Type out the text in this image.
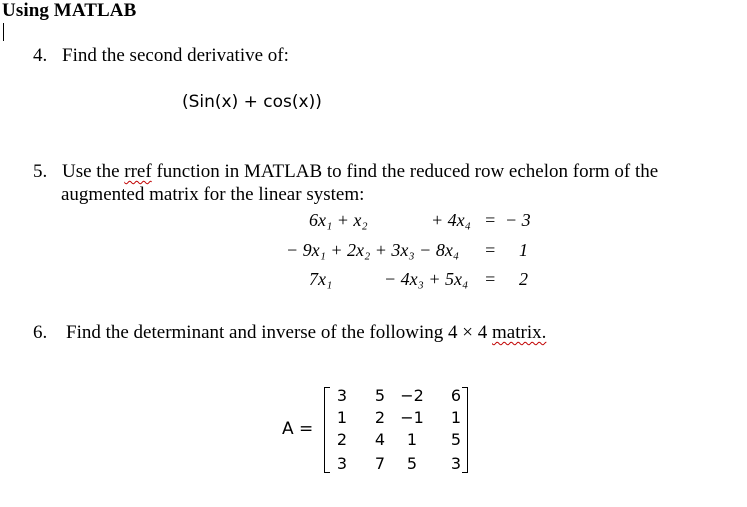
Using MATLAB
4. Find the second derivative of:
(Sin(x) + cos(x))
5. Use the rref function in MATLAB to find the reduced row echelon form of the
augmented matrix for the linear system:
6x₁ + x₂	+ 4x₄ = − 3
− 9x₁ + 2x₂ + 3x₃ − 8x₄ = 1
7x₁	− 4x₃ + 5x₄ = 2
6. Find the determinant and inverse of the following 4 × 4 matrix.
A =
3	5 −2	6
1	2 −1	1
2	4	1	5
3	7	5	3
